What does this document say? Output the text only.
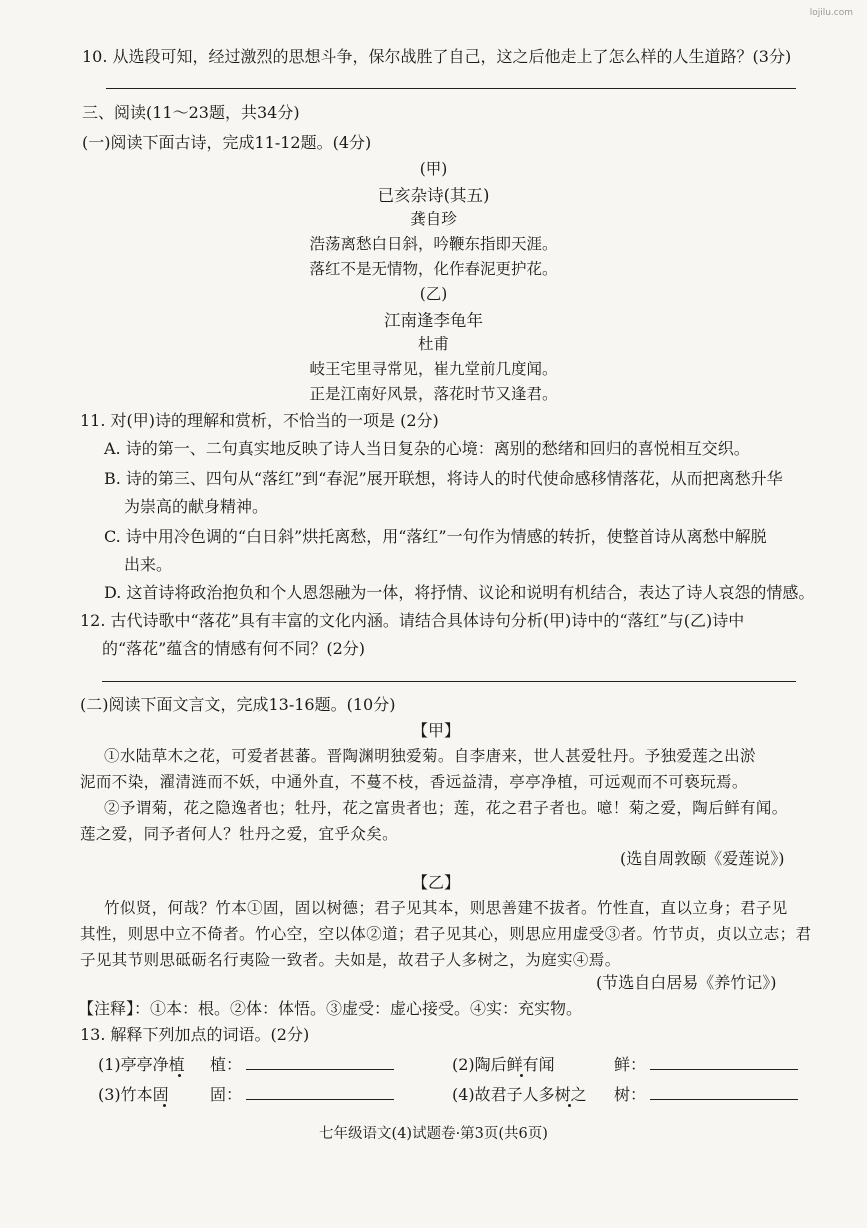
lojilu.com
10. 从选段可知，经过激烈的思想斗争，保尔战胜了自己，这之后他走上了怎么样的人生道路？(3分)
三、阅读(11～23题，共34分)
(一)阅读下面古诗，完成11-12题。(4分)
(甲)
已亥杂诗(其五)
龚自珍
浩荡离愁白日斜，吟鞭东指即天涯。
落红不是无情物，化作春泥更护花。
(乙)
江南逢李龟年
杜甫
岐王宅里寻常见，崔九堂前几度闻。
正是江南好风景，落花时节又逢君。
11. 对(甲)诗的理解和赏析，不恰当的一项是 (2分)
A. 诗的第一、二句真实地反映了诗人当日复杂的心境：离别的愁绪和回归的喜悦相互交织。
B. 诗的第三、四句从“落红”到“春泥”展开联想，将诗人的时代使命感移情落花，从而把离愁升华
为崇高的献身精神。
C. 诗中用冷色调的“白日斜”烘托离愁，用“落红”一句作为情感的转折，使整首诗从离愁中解脱
出来。
D. 这首诗将政治抱负和个人恩怨融为一体，将抒情、议论和说明有机结合，表达了诗人哀怨的情感。
12. 古代诗歌中“落花”具有丰富的文化内涵。请结合具体诗句分析(甲)诗中的“落红”与(乙)诗中
的“落花”蕴含的情感有何不同？(2分)
(二)阅读下面文言文，完成13-16题。(10分)
【甲】
①水陆草木之花，可爱者甚蕃。晋陶渊明独爱菊。自李唐来，世人甚爱牡丹。予独爱莲之出淤
泥而不染，濯清涟而不妖，中通外直，不蔓不枝，香远益清，亭亭净植，可远观而不可亵玩焉。
②予谓菊，花之隐逸者也；牡丹，花之富贵者也；莲，花之君子者也。噫！菊之爱，陶后鲜有闻。
莲之爱，同予者何人？牡丹之爱，宜乎众矣。
(选自周敦颐《爱莲说》)
【乙】
竹似贤，何哉？竹本①固，固以树德；君子见其本，则思善建不拔者。竹性直，直以立身；君子见
其性，则思中立不倚者。竹心空，空以体②道；君子见其心，则思应用虚受③者。竹节贞，贞以立志；君
子见其节则思砥砺名行夷险一致者。夫如是，故君子人多树之，为庭实④焉。
(节选自白居易《养竹记》)
【注释】：①本：根。②体：体悟。③虚受：虚心接受。④实：充实物。
13. 解释下列加点的词语。(2分)
(1)亭亭净植 植：	(2)陶后鲜有闻	鲜：
(3)竹本固	固：	(4)故君子人多树之 树：
七年级语文(4)试题卷·第3页(共6页)
